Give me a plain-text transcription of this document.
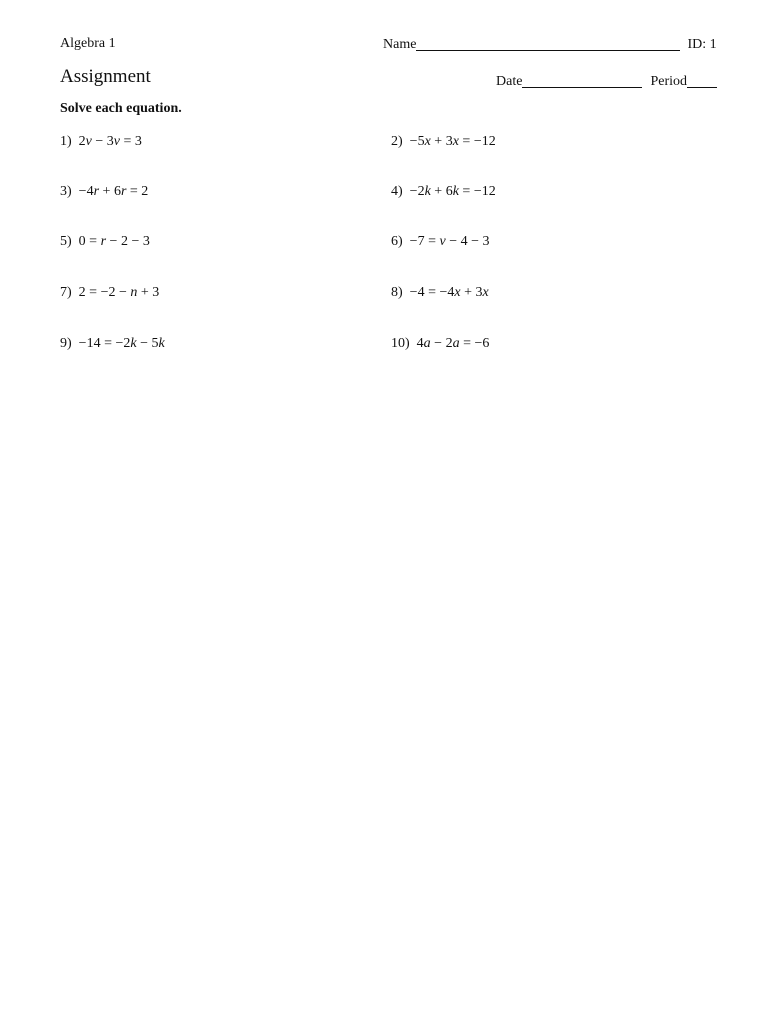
Algebra 1
Assignment
Solve each equation.
Name	ID: 1
Date	Period
1) 2v − 3v = 3	2) −5x + 3x = −12
3) −4r + 6r = 2	4) −2k + 6k = −12
5) 0 = r − 2 − 3	6) −7 = v − 4 − 3
7) 2 = −2 − n + 3	8) −4 = −4x + 3x
9) −14 = −2k − 5k	10) 4a − 2a = −6
